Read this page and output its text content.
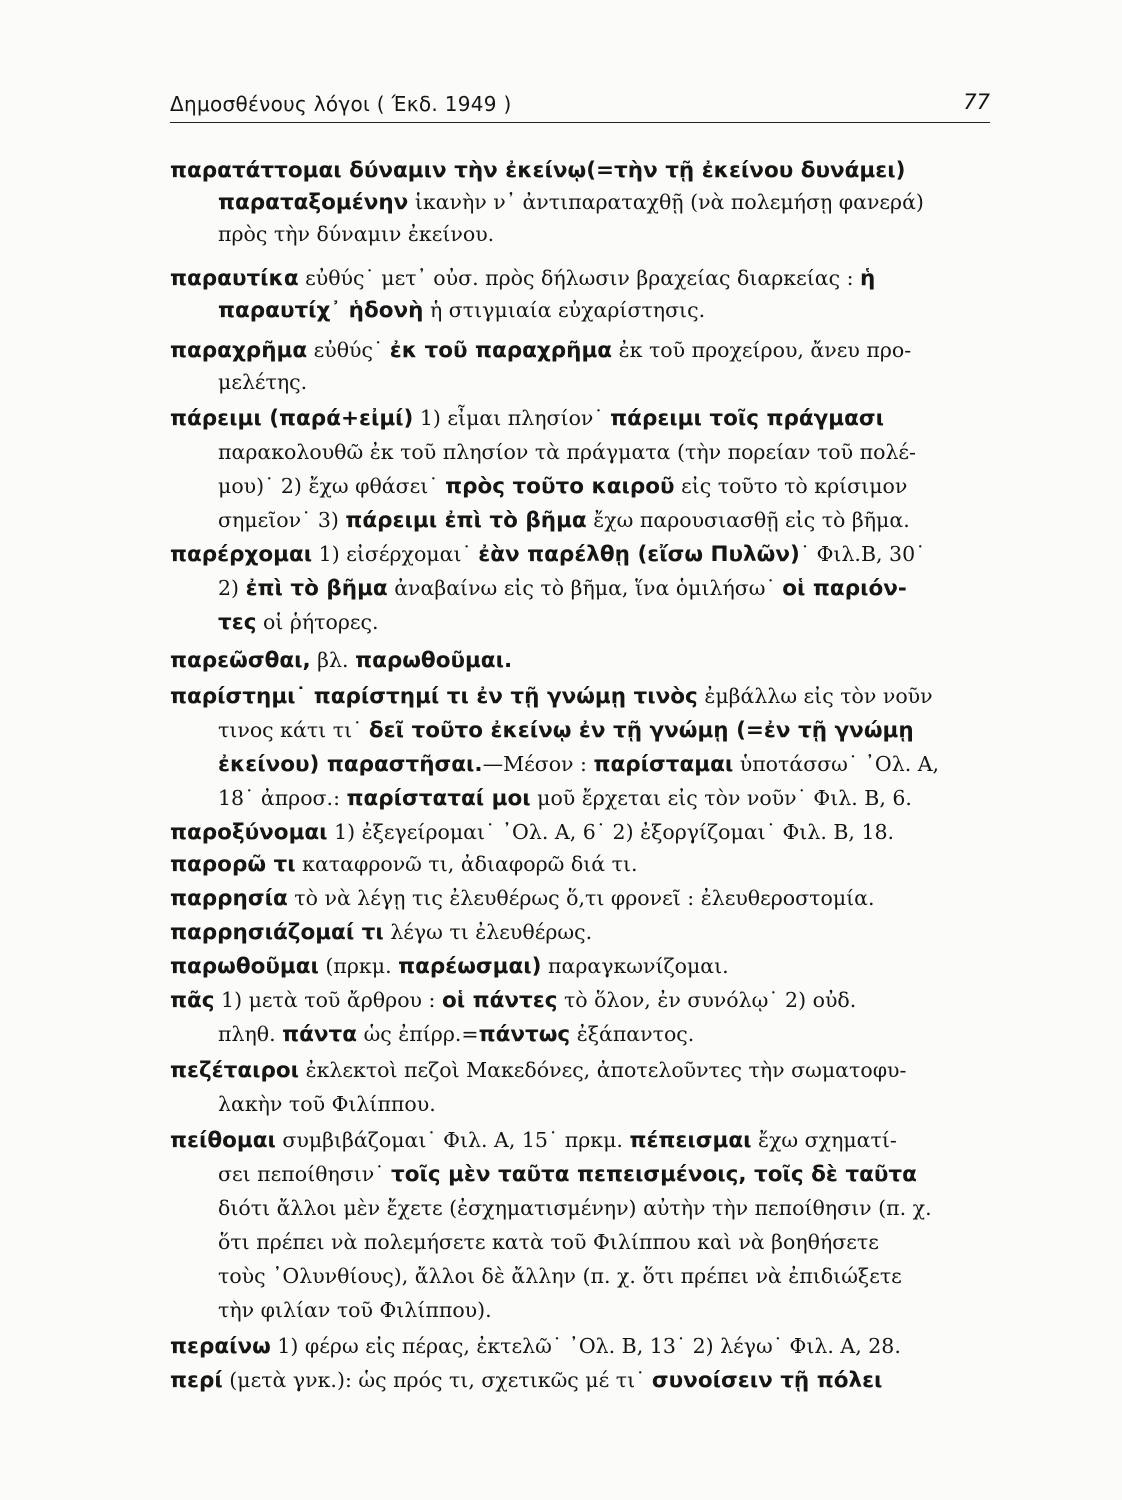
Δημοσθένους λόγοι ( Έκδ. 1949 )	77
παρατάττομαι δύναμιν τὴν ἐκείνῳ(=τὴν τῇ ἐκείνου δυνάμει)
παραταξομένην ἱκανὴν ν᾽ ἀντιπαραταχθῇ (νὰ πολεμήσῃ φανερά)
πρὸς τὴν δύναμιν ἐκείνου.
παραυτίκα εὐθύς˙ μετ᾽ οὐσ. πρὸς δήλωσιν βραχείας διαρκείας : ἡ
παραυτίχ᾽ ἡδονὴ ἡ στιγμιαία εὐχαρίστησις.
παραχρῆμα εὐθύς˙ ἐκ τοῦ παραχρῆμα ἐκ τοῦ προχείρου, ἄνευ προ-
μελέτης.
πάρειμι (παρά+εἰμί) 1) εἶμαι πλησίον˙ πάρειμι τοῖς πράγμασι
παρακολουθῶ ἐκ τοῦ πλησίον τὰ πράγματα (τὴν πορείαν τοῦ πολέ-
μου)˙ 2) ἔχω φθάσει˙ πρὸς τοῦτο καιροῦ εἰς τοῦτο τὸ κρίσιμον
σημεῖον˙ 3) πάρειμι ἐπὶ τὸ βῆμα ἔχω παρουσιασθῇ εἰς τὸ βῆμα.
παρέρχομαι 1) εἰσέρχομαι˙ ἐὰν παρέλθῃ (εἴσω Πυλῶν)˙ Φιλ.Β, 30˙
2) ἐπὶ τὸ βῆμα ἀναβαίνω εἰς τὸ βῆμα, ἵνα ὁμιλήσω˙ οἱ παριόν-
τες οἱ ῥήτορες.
παρεῶσθαι, βλ. παρωθοῦμαι.
παρίστημι˙ παρίστημί τι ἐν τῇ γνώμῃ τινὸς ἐμβάλλω εἰς τὸν νοῦν
τινος κάτι τι˙ δεῖ τοῦτο ἐκείνῳ ἐν τῇ γνώμῃ (=ἐν τῇ γνώμῃ
ἐκείνου) παραστῆσαι.—Μέσον : παρίσταμαι ὑποτάσσω˙ ᾿Ολ. Α,
18˙ ἀπροσ.: παρίσταταί μοι μοῦ ἔρχεται εἰς τὸν νοῦν˙ Φιλ. Β, 6.
παροξύνομαι 1) ἐξεγείρομαι˙ ᾿Ολ. Α, 6˙ 2) ἐξοργίζομαι˙ Φιλ. Β, 18.
παρορῶ τι καταφρονῶ τι, ἀδιαφορῶ διά τι.
παρρησία τὸ νὰ λέγῃ τις ἐλευθέρως ὅ,τι φρονεῖ : ἐλευθεροστομία.
παρρησιάζομαί τι λέγω τι ἐλευθέρως.
παρωθοῦμαι (πρκμ. παρέωσμαι) παραγκωνίζομαι.
πᾶς 1) μετὰ τοῦ ἄρθρου : οἱ πάντες τὸ ὅλον, ἐν συνόλῳ˙ 2) οὐδ.
πληθ. πάντα ὡς ἐπίρρ.=πάντως ἐξάπαντος.
πεζέταιροι ἐκλεκτοὶ πεζοὶ Μακεδόνες, ἀποτελοῦντες τὴν σωματοφυ-
λακὴν τοῦ Φιλίππου.
πείθομαι συμβιβάζομαι˙ Φιλ. Α, 15˙ πρκμ. πέπεισμαι ἔχω σχηματί-
σει πεποίθησιν˙ τοῖς μὲν ταῦτα πεπεισμένοις, τοῖς δὲ ταῦτα
διότι ἄλλοι μὲν ἔχετε (ἐσχηματισμένην) αὐτὴν τὴν πεποίθησιν (π. χ.
ὅτι πρέπει νὰ πολεμήσετε κατὰ τοῦ Φιλίππου καὶ νὰ βοηθήσετε
τοὺς ᾿Ολυνθίους), ἄλλοι δὲ ἄλλην (π. χ. ὅτι πρέπει νὰ ἐπιδιώξετε
τὴν φιλίαν τοῦ Φιλίππου).
περαίνω 1) φέρω εἰς πέρας, ἐκτελῶ˙ ᾿Ολ. Β, 13˙ 2) λέγω˙ Φιλ. Α, 28.
περί (μετὰ γνκ.): ὡς πρός τι, σχετικῶς μέ τι˙ συνοίσειν τῇ πόλει
